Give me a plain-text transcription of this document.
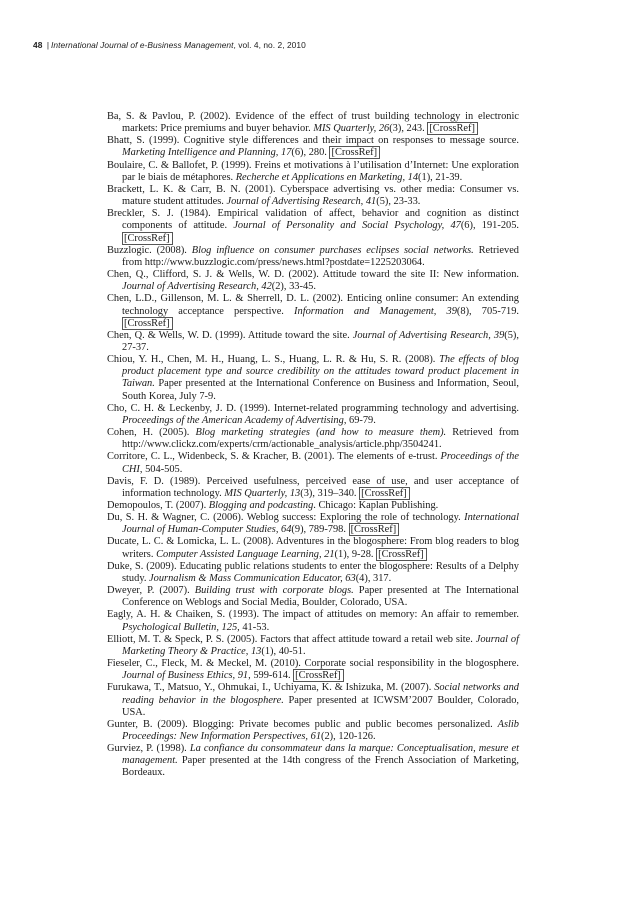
48 | International Journal of e-Business Management, vol. 4, no. 2, 2010

Ba, S. & Pavlou, P. (2002). Evidence of the effect of trust building technology in electronic markets: Price premiums and buyer behavior. MIS Quarterly, 26(3), 243. [CrossRef]

Bhatt, S. (1999). Cognitive style differences and their impact on responses to message source. Marketing Intelligence and Planning, 17(6), 280. [CrossRef]

Boulaire, C. & Ballofet, P. (1999). Freins et motivations à l’utilisation d’Internet: Une exploration par le biais de métaphores. Recherche et Applications en Marketing, 14(1), 21-39.

Brackett, L. K. & Carr, B. N. (2001). Cyberspace advertising vs. other media: Consumer vs. mature student attitudes. Journal of Advertising Research, 41(5), 23-33.

Breckler, S. J. (1984). Empirical validation of affect, behavior and cognition as distinct components of attitude. Journal of Personality and Social Psychology, 47(6), 191-205. [CrossRef]

Buzzlogic. (2008). Blog influence on consumer purchases eclipses social networks. Retrieved from http://www.buzzlogic.com/press/news.html?postdate=1225203064.

Chen, Q., Clifford, S. J. & Wells, W. D. (2002). Attitude toward the site II: New information. Journal of Advertising Research, 42(2), 33-45.

Chen, L.D., Gillenson, M. L. & Sherrell, D. L. (2002). Enticing online consumer: An extending technology acceptance perspective. Information and Management, 39(8), 705-719. [CrossRef]

Chen, Q. & Wells, W. D. (1999). Attitude toward the site. Journal of Advertising Research, 39(5), 27-37.

Chiou, Y. H., Chen, M. H., Huang, L. S., Huang, L. R. & Hu, S. R. (2008). The effects of blog product placement type and source credibility on the attitudes toward product placement in Taiwan. Paper presented at the International Conference on Business and Information, Seoul, South Korea, July 7-9.

Cho, C. H. & Leckenby, J. D. (1999). Internet-related programming technology and advertising. Proceedings of the American Academy of Advertising, 69-79.

Cohen, H. (2005). Blog marketing strategies (and how to measure them). Retrieved from http://www.clickz.com/experts/crm/actionable_analysis/article.php/3504241.

Corritore, C. L., Widenbeck, S. & Kracher, B. (2001). The elements of e-trust. Proceedings of the CHI, 504-505.

Davis, F. D. (1989). Perceived usefulness, perceived ease of use, and user acceptance of information technology. MIS Quarterly, 13(3), 319–340. [CrossRef]

Demopoulos, T. (2007). Blogging and podcasting. Chicago: Kaplan Publishing.

Du, S. H. & Wagner, C. (2006). Weblog success: Exploring the role of technology. International Journal of Human-Computer Studies, 64(9), 789-798. [CrossRef]

Ducate, L. C. & Lomicka, L. L. (2008). Adventures in the blogosphere: From blog readers to blog writers. Computer Assisted Language Learning, 21(1), 9-28. [CrossRef]

Duke, S. (2009). Educating public relations students to enter the blogosphere: Results of a Delphy study. Journalism & Mass Communication Educator, 63(4), 317.

Dweyer, P. (2007). Building trust with corporate blogs. Paper presented at The International Conference on Weblogs and Social Media, Boulder, Colorado, USA.

Eagly, A. H. & Chaiken, S. (1993). The impact of attitudes on memory: An affair to remember. Psychological Bulletin, 125, 41-53.

Elliott, M. T. & Speck, P. S. (2005). Factors that affect attitude toward a retail web site. Journal of Marketing Theory & Practice, 13(1), 40-51.

Fieseler, C., Fleck, M. & Meckel, M. (2010). Corporate social responsibility in the blogosphere. Journal of Business Ethics, 91, 599-614. [CrossRef]

Furukawa, T., Matsuo, Y., Ohmukai, I., Uchiyama, K. & Ishizuka, M. (2007). Social networks and reading behavior in the blogosphere. Paper presented at ICWSM’2007 Boulder, Colorado, USA.

Gunter, B. (2009). Blogging: Private becomes public and public becomes personalized. Aslib Proceedings: New Information Perspectives, 61(2), 120-126.

Gurviez, P. (1998). La confiance du consommateur dans la marque: Conceptualisation, mesure et management. Paper presented at the 14th congress of the French Association of Marketing, Bordeaux.
